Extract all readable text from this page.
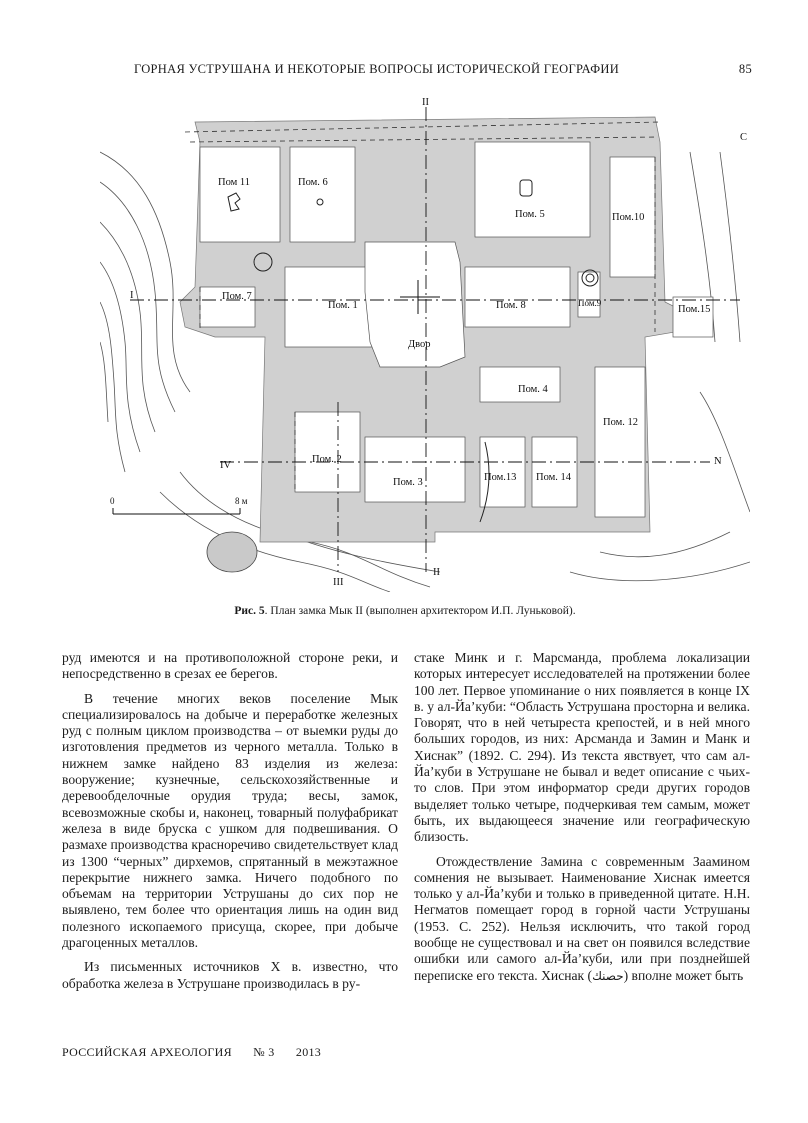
ГОРНАЯ УСТРУШАНА И НЕКОТОРЫЕ ВОПРОСЫ ИСТОРИЧЕСКОЙ ГЕОГРАФИИ	85
0	8 м
Пом 11	Пом. 6
Пом. 5	Пом.10
Пом. 7
Пом. 1	Пом. 8	Пом.9
Пом.15
Двор
Пом. 4
Пом. 12
Пом. 2
Пом. 3	Пом.13 Пом. 14
II
II
I
IV
III
N
C
Рис. 5. План замка Мык II (выполнен архитектором И.П. Луньковой).

руд имеются и на противоположной стороне реки, и непосредственно в срезах ее берегов.

В течение многих веков поселение Мык специализировалось на добыче и переработке железных руд с полным циклом производства – от выемки руды до изготовления предметов из черного металла. Только в нижнем замке найдено 83 изделия из железа: вооружение; кузнечные, сельскохозяйственные и деревообделочные орудия труда; весы, замок, всевозможные скобы и, наконец, товарный полуфабрикат железа в виде бруска с ушком для подвешивания. О размахе производства красноречиво свидетельствует клад из 1300 “черных” дирхемов, спрятанный в межэтажное перекрытие нижнего замка. Ничего подобного по объемам на территории Уструшаны до сих пор не выявлено, тем более что ориентация лишь на один вид полезного ископаемого присуща, скорее, при добыче драгоценных металлов.

Из письменных источников X в. известно, что обработка железа в Уструшане производилась в ру-

стаке Минк и г. Марсманда, проблема локализации которых интересует исследователей на протяжении более 100 лет. Первое упоминание о них появляется в конце IX в. у ал-Йа’куби: “Область Уструшана просторна и велика. Говорят, что в ней четыреста крепостей, и в ней много больших городов, из них: Арсманда и Замин и Манк и Хиснак” (1892. С. 294). Из текста явствует, что сам ал-Йа’куби в Уструшане не бывал и ведет описание с чьих-то слов. При этом информатор среди других городов выделяет только четыре, подчеркивая тем самым, может быть, их выдающееся значение или географическую близость.

Отождествление Замина с современным Заамином сомнения не вызывает. Наименование Хиснак имеется только у ал-Йа’куби и только в приведенной цитате. Н.Н. Негматов помещает город в горной части Уструшаны (1953. С. 252). Нельзя исключить, что такой город вообще не существовал и на свет он появился вследствие ошибки или самого ал-Йа’куби, или при позднейшей переписке его текста. Хиснак (حصنك) вполне может быть

РОССИЙСКАЯ АРХЕОЛОГИЯ № 3 2013
